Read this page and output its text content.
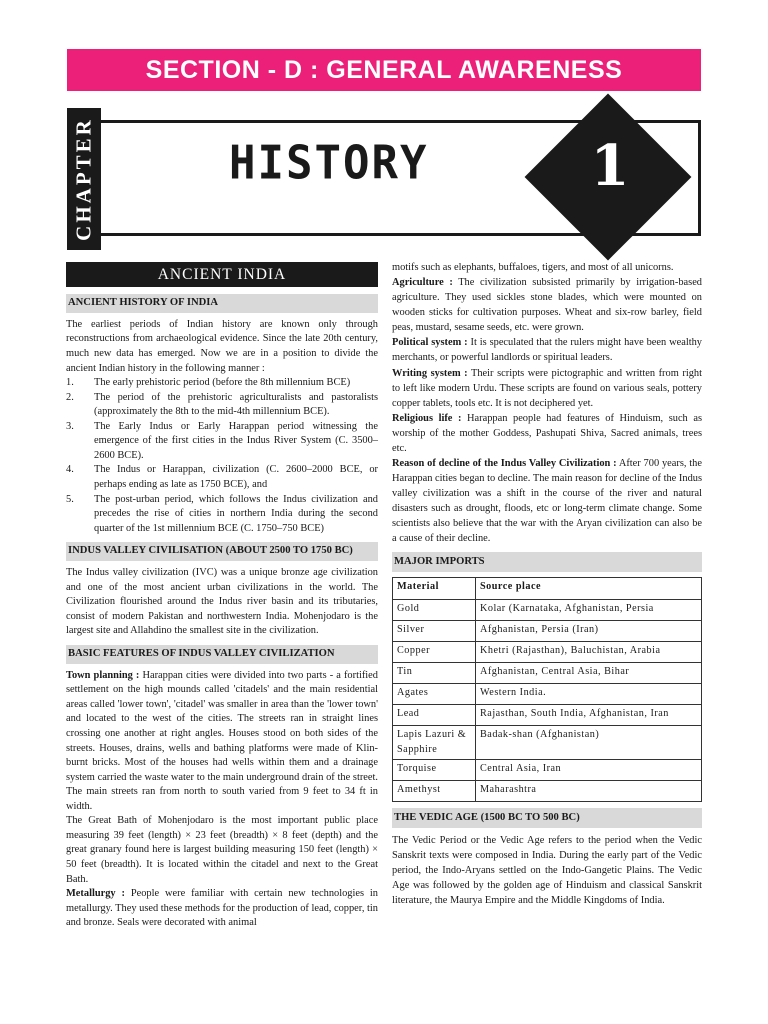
SECTION - D : GENERAL AWARENESS
CHAPTER	HISTORY	1
ANCIENT INDIA
ANCIENT HISTORY OF INDIA

The earliest periods of Indian history are known only through reconstructions from archaeological evidence. Since the late 20th century, much new data has emerged. Now we are in a position to divide the ancient Indian history in the following manner :

1. The early prehistoric period (before the 8th millennium BCE)
2. The period of the prehistoric agriculturalists and pastoralists (approximately the 8th to the mid-4th millennium BCE).
3. The Early Indus or Early Harappan period witnessing the emergence of the first cities in the Indus River System (C. 3500–2600 BCE).
4. The Indus or Harappan, civilization (C. 2600–2000 BCE, or perhaps ending as late as 1750 BCE), and
5. The post-urban period, which follows the Indus civilization and precedes the rise of cities in northern India during the second quarter of the 1st millennium BCE (C. 1750–750 BCE)
INDUS VALLEY CIVILISATION (ABOUT 2500 TO 1750 BC)

The Indus valley civilization (IVC) was a unique bronze age civilization and one of the most ancient urban civilizations in the world. The Civilization flourished around the Indus river basin and its tributaries, consist of modern Pakistan and northwestern India. Mohenjodaro is the largest site and Allahdino the smallest site in the civilization.

BASIC FEATURES OF INDUS VALLEY CIVILIZATION

Town planning : Harappan cities were divided into two parts - a fortified settlement on the high mounds called 'citadels' and the main residential areas called 'lower town', 'citadel' was smaller in area than the 'lower town' and located to the west of the cities. The streets ran in straight lines crossing one another at right angles. Houses stood on both sides of the streets. Houses, drains, wells and bathing platforms were made of Klin-burnt bricks. Most of the houses had wells within them and a drainage system carried the waste water to the main underground drain of the street. The main streets ran from north to south varied from 9 feet to 34 ft in width.

The Great Bath of Mohenjodaro is the most important public place measuring 39 feet (length) × 23 feet (breadth) × 8 feet (depth) and the great granary found here is largest building measuring 150 feet (length) × 50 feet (breadth). It is located within the citadel and next to the Great Bath.

Metallurgy : People were familiar with certain new technologies in metallurgy. They used these methods for the production of lead, copper, tin and bronze. Seals were decorated with animal

motifs such as elephants, buffaloes, tigers, and most of all unicorns.

Agriculture : The civilization subsisted primarily by irrigation-based agriculture. They used sickles stone blades, which were mounted on wooden sticks for cultivation purposes. Wheat and six-row barley, field peas, mustard, sesame seeds, etc. were grown.

Political system : It is speculated that the rulers might have been wealthy merchants, or powerful landlords or spiritual leaders.

Writing system : Their scripts were pictographic and written from right to left like modern Urdu. These scripts are found on various seals, pottery copper tablets, tools etc. It is not deciphered yet.

Religious life : Harappan people had features of Hinduism, such as worship of the mother Goddess, Pashupati Shiva, Sacred animals, trees etc.

Reason of decline of the Indus Valley Civilization : After 700 years, the Harappan cities began to decline. The main reason for decline of the Indus valley civilization was a shift in the course of the river and natural disasters such as drought, floods, etc or long-term climate change. Some scientists also believe that the war with the Aryan civilization can also be a cause of their decline.

MAJOR IMPORTS
Material	Source place
Gold	Kolar (Karnataka, Afghanistan, Persia
Silver	Afghanistan, Persia (Iran)
Copper	Khetri (Rajasthan), Baluchistan, Arabia
Tin	Afghanistan, Central Asia, Bihar
Agates	Western India.
Lead	Rajasthan, South India, Afghanistan, Iran
Lapis Lazuri & Sapphire	Badak-shan (Afghanistan)
Torquise	Central Asia, Iran
Amethyst	Maharashtra
THE VEDIC AGE (1500 BC TO 500 BC)

The Vedic Period or the Vedic Age refers to the period when the Vedic Sanskrit texts were composed in India. During the early part of the Vedic period, the Indo-Aryans settled on the Indo-Gangetic Plains. The Vedic Age was followed by the golden age of Hinduism and classical Sanskrit literature, the Maurya Empire and the Middle Kingdoms of India.
